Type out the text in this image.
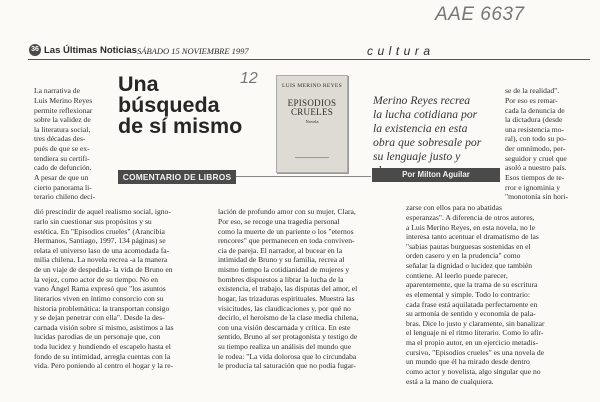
AAE 6637
12
36 Las Últimas Noticias SÁBADO 15 NOVIEMBRE 1997	cultura

La narrativa de
Luis Merino Reyes
permite reflexionar
sobre la validez de
la literatura social,
tres décadas des-
pués de que se ex-
tendiera su certifi-
cado de defunción.
A pesar de que un
cierto panorama li-
terario chileno deci-

Una
búsqueda
de sí mismo
LUIS MERINO REYES
EPISODIOS
CRUELES
Novela
COMENTARIO DE LIBROS

Merino Reyes recrea
la lucha cotidiana por
la existencia en esta
obra que sobresale por
su lenguaje justo y

Por Milton Aguilar

se de la realidad".
Por eso es remar-
cada la denuncia de
la dictadura (desde
una resistencia mo-
ral), con todo su po-
der omnímodo, per-
seguidor y cruel que
asoló a nuestro país.
Esos tiempos de te-
rror e ignominia y
"monotonía sin hori-

dió prescindir de aquel realismo social, igno-
rarlo sin cuestionar sus propósitos y su
estética. En "Episodios crueles" (Arancibia
Hermanos, Santiago, 1997, 134 páginas) se
relata el universo laso de una acomodada fa-
milia chilena. La novela recrea -a la manera
de un viaje de despedida- la vida de Bruno en
la vejez, como actor de su tiempo. No en
vano Ángel Rama expresó que "los asuntos
literarios viven en íntimo consorcio con su
historia problemática: la transportan consigo
y se dejan penetrar con ella". Desde la des-
carnada visión sobre sí mismo, asistimos a las
lucidas parodias de un personaje que, con
toda lucidez y hundiendo el escapelo hasta el
fondo de su intimidad, arregla cuentas con la
vida. Pero poniendo al centro el hogar y la re-

lación de profundo amor con su mujer, Clara,
Por eso, se recoge una tragedia personal
como la muerte de un pariente o los "eternos
rencores" que permanecen en toda conviven-
cia de pareja. El narrador, al bucear en la
intimidad de Bruno y su familia, recrea al
mismo tiempo la cotidianidad de mujeres y
hombres dispuestos a librar la lucha de la
existencia, el trabajo, las disputas del amor, el
hogar, las trizaduras espirituales. Muestra las
visicitudes, las claudicaciones y, por qué no
decirlo, el heroísmo de la clase media chilena,
con una visión descarnada y crítica. En este
sentido, Bruno al ser protagonista y testigo de
su tiempo realiza un análisis del mundo que
le rodea: "La vida dolorosa que lo circundaba
le producía tal saturación que no podía fugar-

zarse con ellos para no abatidas
esperanzas". A diferencia de otros autores,
a Luis Merino Reyes, en esta novela, no le
interesa tanto acentuar el dramatismo de las
"sabias pautas burguesas sostenidas en el
orden casero y en la prudencia" como
señalar la dignidad o lucidez que también
contiene. Al leerlo puede parecer,
aparentemente, que la trama de su escritura
es elemental y simple. Todo lo contrario:
cada frase está aquilatada perfectamente en
su armonía de sentido y economía de pala-
bras. Dice lo justo y claramente, sin banalizar
el lenguaje ni el ritmo literario. Como lo afir-
ma el propio autor, en un ejercicio metadis-
cursivo, "Episodios crueles" es una novela de
un mundo que él ha mirado desde dentro
como actor y novelista, algo singular que no
está a la mano de cualquiera.
